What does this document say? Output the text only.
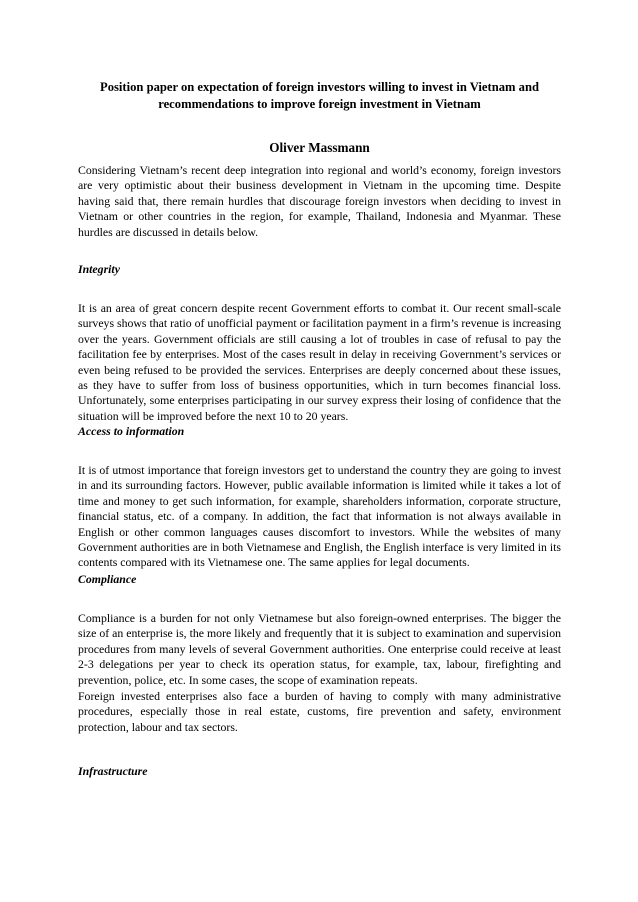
Position paper on expectation of foreign investors willing to invest in Vietnam and recommendations to improve foreign investment in Vietnam
Oliver Massmann

Considering Vietnam’s recent deep integration into regional and world’s economy, foreign investors are very optimistic about their business development in Vietnam in the upcoming time. Despite having said that, there remain hurdles that discourage foreign investors when deciding to invest in Vietnam or other countries in the region, for example, Thailand, Indonesia and Myanmar. These hurdles are discussed in details below.

Integrity

It is an area of great concern despite recent Government efforts to combat it. Our recent small-scale surveys shows that ratio of unofficial payment or facilitation payment in a firm’s revenue is increasing over the years. Government officials are still causing a lot of troubles in case of refusal to pay the facilitation fee by enterprises. Most of the cases result in delay in receiving Government’s services or even being refused to be provided the services. Enterprises are deeply concerned about these issues, as they have to suffer from loss of business opportunities, which in turn becomes financial loss. Unfortunately, some enterprises participating in our survey express their losing of confidence that the situation will be improved before the next 10 to 20 years.

Access to information

It is of utmost importance that foreign investors get to understand the country they are going to invest in and its surrounding factors. However, public available information is limited while it takes a lot of time and money to get such information, for example, shareholders information, corporate structure, financial status, etc. of a company. In addition, the fact that information is not always available in English or other common languages causes discomfort to investors. While the websites of many Government authorities are in both Vietnamese and English, the English interface is very limited in its contents compared with its Vietnamese one. The same applies for legal documents.

Compliance

Compliance is a burden for not only Vietnamese but also foreign-owned enterprises. The bigger the size of an enterprise is, the more likely and frequently that it is subject to examination and supervision procedures from many levels of several Government authorities. One enterprise could receive at least 2-3 delegations per year to check its operation status, for example, tax, labour, firefighting and prevention, police, etc. In some cases, the scope of examination repeats.

Foreign invested enterprises also face a burden of having to comply with many administrative procedures, especially those in real estate, customs, fire prevention and safety, environment protection, labour and tax sectors.

Infrastructure
